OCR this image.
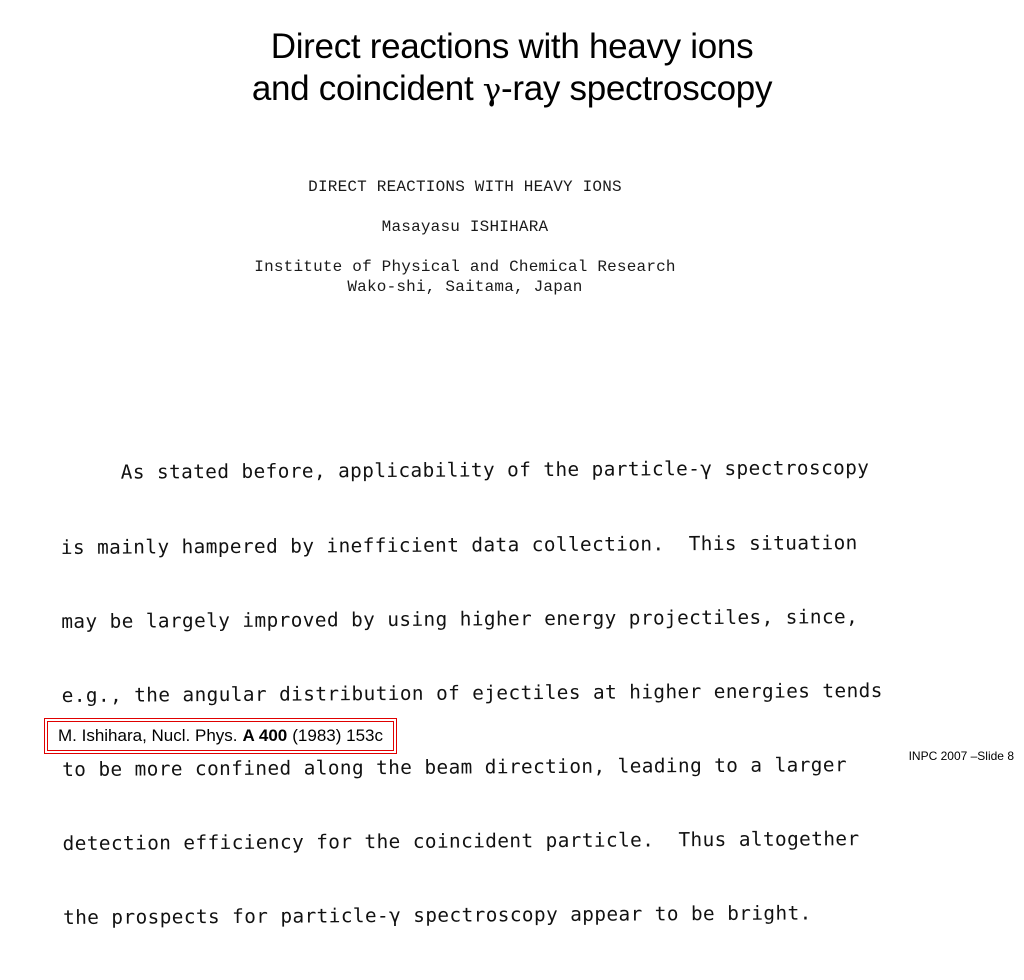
Direct reactions with heavy ions
and coincident γ-ray spectroscopy
DIRECT REACTIONS WITH HEAVY IONS
Masayasu ISHIHARA
Institute of Physical and Chemical Research
Wako-shi, Saitama, Japan

As stated before, applicability of the particle-γ spectroscopy

is mainly hampered by inefficient data collection.  This situation

may be largely improved by using higher energy projectiles, since,

e.g., the angular distribution of ejectiles at higher energies tends

to be more confined along the beam direction, leading to a larger

detection efficiency for the coincident particle.  Thus altogether

the prospects for particle-γ spectroscopy appear to be bright.

M. Ishihara, Nucl. Phys. A 400 (1983) 153c
INPC 2007 –Slide 8
